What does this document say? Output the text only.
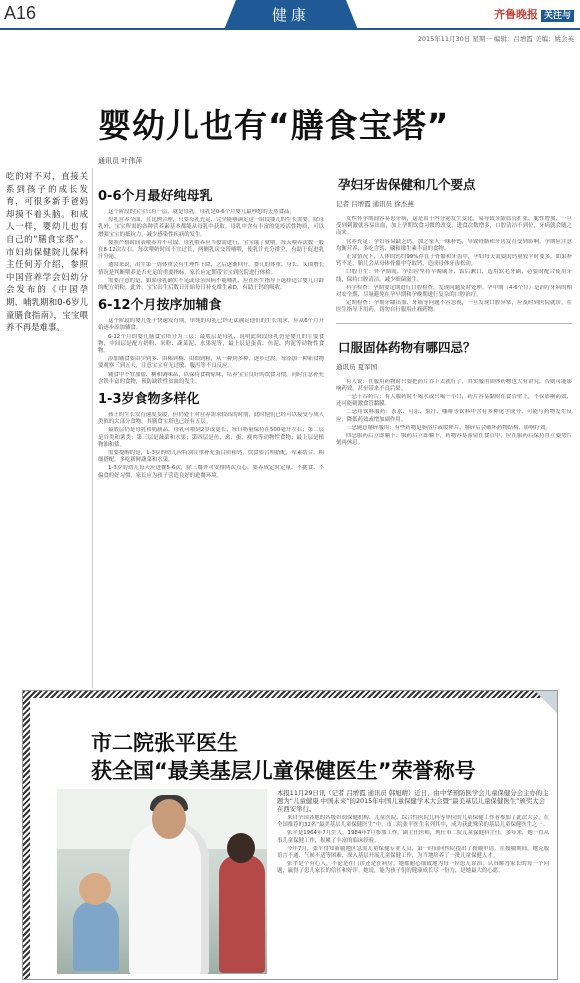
A16	健康	齐鲁晚报 关注与
2015年11月30日 星期一 编辑：吕增霞 美编：姚会英
婴幼儿也有“膳食宝塔”
通讯员 叶伟萍
吃的对不对，直接关系到孩子的成长发育，可很多新手爸妈却摸不着头脑。和成人一样，婴幼儿也有自己的“膳食宝塔”。市妇幼保健院儿保科主任何芳介绍，参照中国营养学会妇幼分会发布的《中国孕期、哺乳期和0-6岁儿童膳食指南》，宝宝喂养不再是难事。
0-6个月最好纯母乳

这个阶段的宝宝只有一层，就是母乳。母乳是0-6个月婴儿最理想的天然食品。

母乳营养全面，且比例合理，只要母乳充足，完全能够满足这一阶段婴儿的生长需要。除母乳外，宝宝所需的各种营养素基本都能从母乳中获取。母乳中含有丰富的免疫活性物质，可以增强宝宝的抵抗力，减少感染性疾病的发生。

按照严格时间表喂养并不可取，母乳喂养应当按需进行，宝宝饿了就喂。每天喂养次数一般在8-12次左右。每次喂奶时间不宜过长，两侧乳房交替哺喂，使乳汁充分排空，有助于促进乳汁分泌。

通常来说，出生第一周体重会有生理性下降，之后逐渐回升。婴儿的体重、身长、头围增长情况是判断喂养是否充足的重要指标，家长应定期带宝宝到医院进行体检。

需要注意的是，如果母乳确实不足或母亲因病不能哺乳，应在医生指导下选择适合婴儿月龄的配方奶粉。此外，宝宝出生后数日开始每日补充维生素D，有助于钙的吸收。

6-12个月按序加辅食

这个阶段的婴儿处于快速发育期，单纯的母乳已经无法满足他们的生长需求，应从6个月开始逐步添加辅食。

6-12个月的婴儿膳食宝塔分为三层：最底层是母乳，说明此阶段母乳仍是婴儿的主要食物，中间层是配方奶粉、米粉、蔬菜泥、水果泥等，最上层是蛋黄、鱼泥、肉泥等动物性食物。

添加辅食要由少到多、由稀到稠、由细到粗，从一种到多种，逐步过渡。每添加一种新食物要观察三到五天，注意宝宝有无过敏、腹泻等不良反应。

辅食中不宜加盐、糖和调味品，以保持食物原味，培养宝宝良好的饮食习惯。同时注意补充含铁丰富的食物，预防缺铁性贫血的发生。

1-3岁食物多样化

孩子的生长发育速度变缓，但仍处于对营养需求较高的时期，此时他们已经可以接受与成人类似的大部分食物，其膳食宝塔也已经有五层。

最底层仍是母乳和奶制品，母乳可喂到2岁或更长，每日奶量保持在500毫升左右；第二层是谷类和薯类；第三层是蔬菜和水果；第四层是鱼、禽、蛋、瘦肉等动物性食物；最上层是植物油和盐。

需要提醒的是，1-3岁的幼儿应特别注重补充蛋白质和钙，饮食要合理搭配，荤素结合，粗细搭配，多吃新鲜蔬菜和水果。

1-3岁的幼儿每天应进餐5-6次，除三餐外可安排两次点心，要养成定时定量、不挑食、不偏食的好习惯，家长应为孩子营造良好的进餐环境。

孕妇牙齿保健和几个要点
记者 吕增霞 通讯员 徐杰燕

女性怀孕期间容易患牙病，这是由于内分泌发生变化，易导致牙龈血管扩张、脆性增加，一旦受到刺激就容易出血，加上孕期饮食习惯的改变，进食次数增多，口腔清洁不到位，牙病就会随之而来。

营养充足：孕妇容易缺乏钙，加之家人一味补钙，导致骨骼和牙齿发育受到影响。孕期应注意均衡营养，多吃含钙、磷和维生素丰富的食物。

正常情况下，人体的钙约99%存在于骨骼和牙齿中，孕妇每天需要的钙量较平时要多。如果补钙不足，胎儿会从母体骨骼中夺取钙，造成母体牙齿松动。

口腔卫生：怀孕期间，孕妇应坚持早晚刷牙、饭后漱口，选用软毛牙刷，必要时配合使用牙线，保持口腔清洁，减少细菌滋生。

科学检查：孕期要定期进行口腔检查，发现问题及时处理。孕中期（4-6个月）是治疗牙病的相对安全期，尽量避免在孕早期和孕晚期进行复杂的口腔治疗。

定期检查：孕期牙龈出血、牙痛等问题不容忽视，一旦发现口腔异常，应及时到医院就诊，在医生指导下用药，切勿自行服用止痛药物。

口服固体药物有哪四忌？
通讯员 夏军国

有人说：在服用药物时只要把药片吞下去就行了，其实服用固体药物也大有讲究，否则可能影响药效，甚至带来不良后果。

一忌干吞药片：有人服药时不喝水或只喝一小口，药片容易黏附在食管壁上，不仅影响药效，还可能刺激食管黏膜。

二忌用饮料服药：茶水、可乐、果汁、咖啡等饮料中含有多种化学成分，可能与药物发生反应，降低药效或增加副作用。

三忌随意掰碎服用：有些药物是肠溶片或缓释片，掰碎后会破坏药物结构，影响疗效。

四忌服药后立即躺下：服药后立即躺下，药物容易滞留在食管中，应在服药后保持直立姿势片刻再休息。

市二院张平医生
获全国“最美基层儿童保健医生”荣誉称号

本报11月29日讯（记者 吕增霞 通讯员 韩旭晴）近日，由中华预防医学会儿童保健分会主办的主题为“儿童健康 中国未来”的2015年中国儿童保健学术大会暨“最美基层儿童保健医生”颁奖大会在西安举行。

来自全国各地的各级妇幼保健机构、儿童医院、综合性医院儿科等单位的儿童保健工作者参加了此次大会。在全国推荐的32名“最美基层儿童保健医生”中，市二院张平医生名列其中，成为获此殊荣的基层儿童保健医生之一。

张平是1964年7月生人，1984年7月参加工作，副主任医师，现任市二院儿童保健科主任。多年来，她一直从事儿童保健工作，积累了丰富的临床经验。

今年7月，张平得知新疆地区急需儿童保健专业人员，第一时间向医院提出了援疆申请。在援疆期间，她克服语言不通、气候不适等困难，深入基层开展儿童保健工作，为当地培养了一批儿童保健人才。

张平是个有心人，不论是在门诊还是在病房，她都耐心细致地为每一位患儿诊治，认真解答家长的每一个问题，赢得了患儿家长的信任和好评。她说，能为孩子们的健康成长尽一份力，是她最大的心愿。
